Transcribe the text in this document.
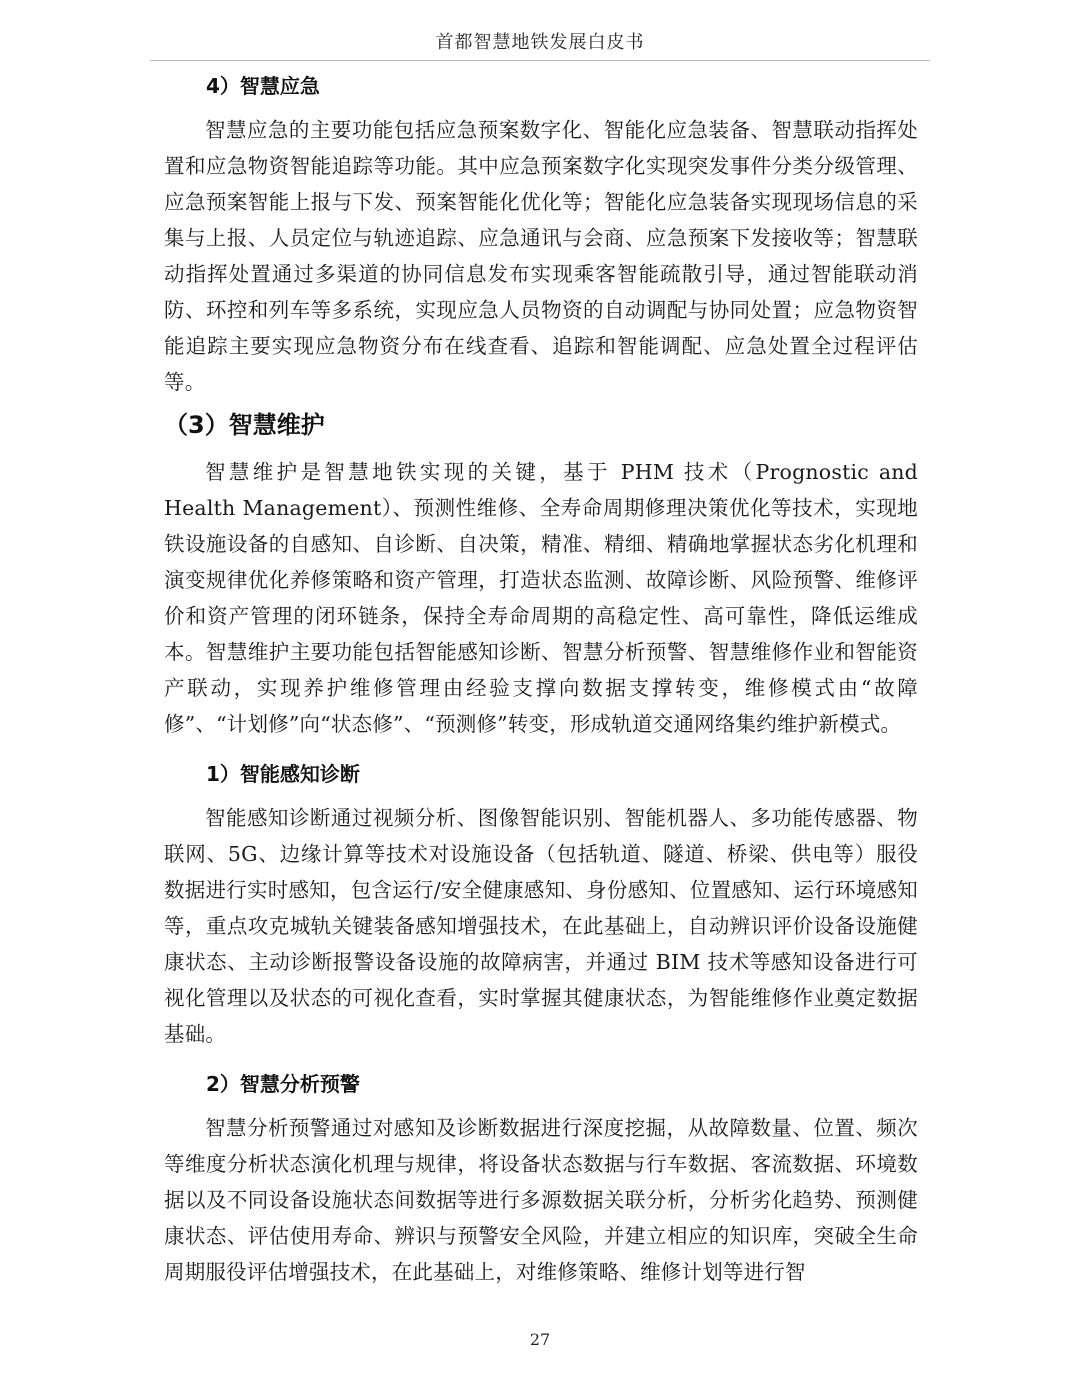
首都智慧地铁发展白皮书
4）智慧应急

智慧应急的主要功能包括应急预案数字化、智能化应急装备、智慧联动指挥处置和应急物资智能追踪等功能。其中应急预案数字化实现突发事件分类分级管理、应急预案智能上报与下发、预案智能化优化等；智能化应急装备实现现场信息的采集与上报、人员定位与轨迹追踪、应急通讯与会商、应急预案下发接收等；智慧联动指挥处置通过多渠道的协同信息发布实现乘客智能疏散引导，通过智能联动消防、环控和列车等多系统，实现应急人员物资的自动调配与协同处置；应急物资智能追踪主要实现应急物资分布在线查看、追踪和智能调配、应急处置全过程评估等。

（3）智慧维护

智慧维护是智慧地铁实现的关键，基于 PHM 技术（Prognostic and Health Management）、预测性维修、全寿命周期修理决策优化等技术，实现地铁设施设备的自感知、自诊断、自决策，精准、精细、精确地掌握状态劣化机理和演变规律优化养修策略和资产管理，打造状态监测、故障诊断、风险预警、维修评价和资产管理的闭环链条，保持全寿命周期的高稳定性、高可靠性，降低运维成本。智慧维护主要功能包括智能感知诊断、智慧分析预警、智慧维修作业和智能资产联动，实现养护维修管理由经验支撑向数据支撑转变，维修模式由“故障修”、“计划修”向“状态修”、“预测修”转变，形成轨道交通网络集约维护新模式。

1）智能感知诊断

智能感知诊断通过视频分析、图像智能识别、智能机器人、多功能传感器、物联网、5G、边缘计算等技术对设施设备（包括轨道、隧道、桥梁、供电等）服役数据进行实时感知，包含运行/安全健康感知、身份感知、位置感知、运行环境感知等，重点攻克城轨关键装备感知增强技术，在此基础上，自动辨识评价设备设施健康状态、主动诊断报警设备设施的故障病害，并通过 BIM 技术等感知设备进行可视化管理以及状态的可视化查看，实时掌握其健康状态，为智能维修作业奠定数据基础。

2）智慧分析预警

智慧分析预警通过对感知及诊断数据进行深度挖掘，从故障数量、位置、频次等维度分析状态演化机理与规律，将设备状态数据与行车数据、客流数据、环境数据以及不同设备设施状态间数据等进行多源数据关联分析，分析劣化趋势、预测健康状态、评估使用寿命、辨识与预警安全风险，并建立相应的知识库，突破全生命周期服役评估增强技术，在此基础上，对维修策略、维修计划等进行智

27
